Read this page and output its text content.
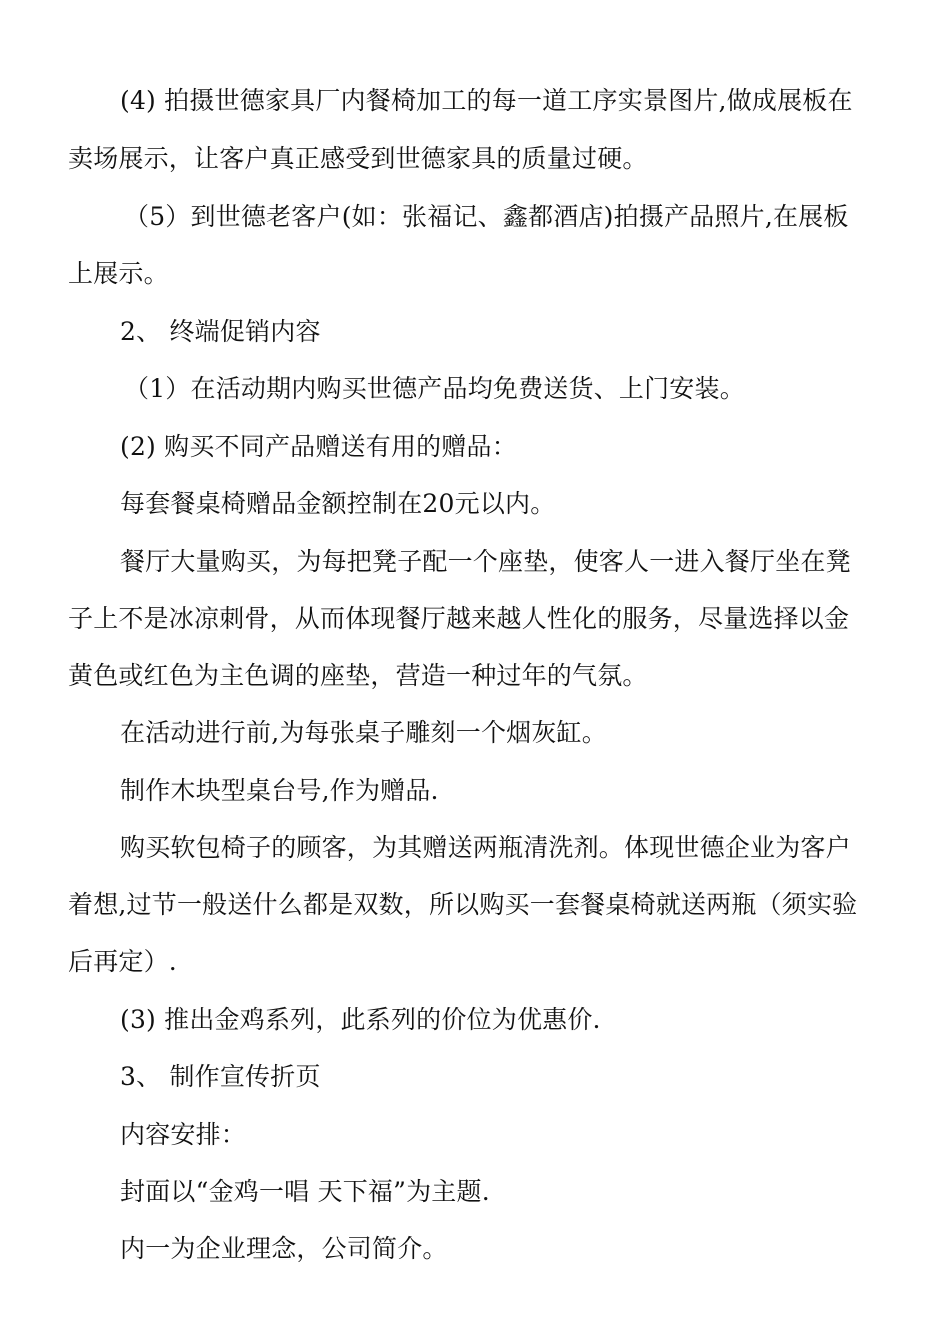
(4) 拍摄世德家具厂内餐椅加工的每一道工序实景图片,做成展板在
卖场展示，让客户真正感受到世德家具的质量过硬。
（5）到世德老客户(如：张福记、鑫都酒店)拍摄产品照片,在展板
上展示。
2、 终端促销内容
（1）在活动期内购买世德产品均免费送货、上门安装。
(2) 购买不同产品赠送有用的赠品：
每套餐桌椅赠品金额控制在20元以内。
餐厅大量购买，为每把凳子配一个座垫，使客人一进入餐厅坐在凳
子上不是冰凉刺骨，从而体现餐厅越来越人性化的服务，尽量选择以金
黄色或红色为主色调的座垫，营造一种过年的气氛。
在活动进行前,为每张桌子雕刻一个烟灰缸。
制作木块型桌台号,作为赠品.
购买软包椅子的顾客，为其赠送两瓶清洗剂。体现世德企业为客户
着想,过节一般送什么都是双数，所以购买一套餐桌椅就送两瓶（须实验
后再定）.
(3) 推出金鸡系列，此系列的价位为优惠价.
3、 制作宣传折页
内容安排：
封面以“金鸡一唱 天下福”为主题.
内一为企业理念，公司简介。
